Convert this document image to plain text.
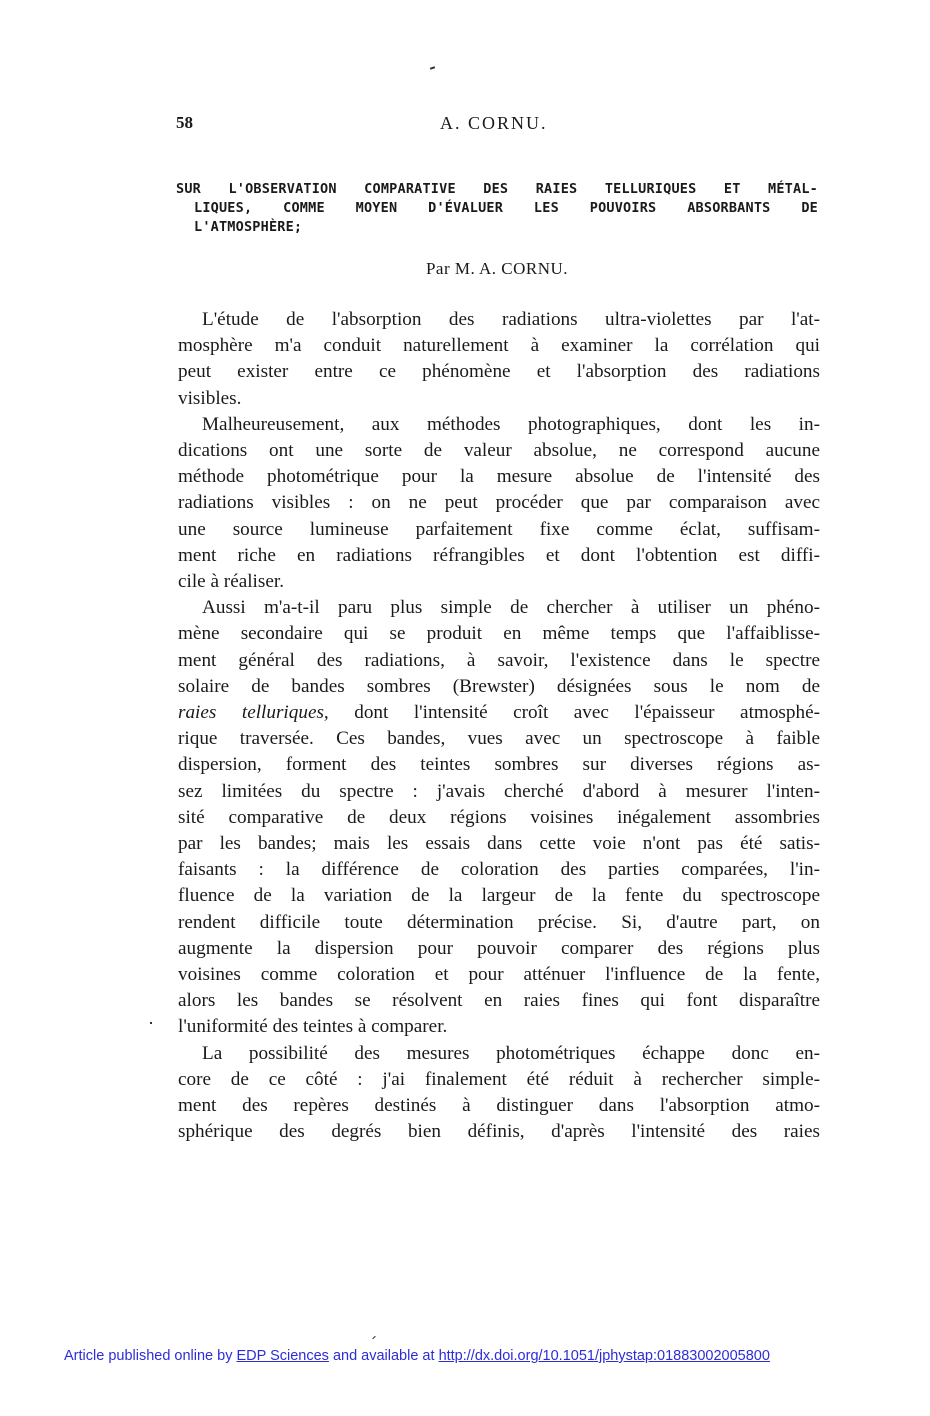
58	A. CORNU.
SUR L'OBSERVATION COMPARATIVE DES RAIES TELLURIQUES ET MÉTAL-
LIQUES, COMME MOYEN D'ÉVALUER LES POUVOIRS ABSORBANTS DE
L'ATMOSPHÈRE;
Par M. A. CORNU.
L'étude de l'absorption des radiations ultra-violettes par l'at-
mosphère m'a conduit naturellement à examiner la corrélation qui
peut exister entre ce phénomène et l'absorption des radiations
visibles.
Malheureusement, aux méthodes photographiques, dont les in-
dications ont une sorte de valeur absolue, ne correspond aucune
méthode photométrique pour la mesure absolue de l'intensité des
radiations visibles : on ne peut procéder que par comparaison avec
une source lumineuse parfaitement fixe comme éclat, suffisam-
ment riche en radiations réfrangibles et dont l'obtention est diffi-
cile à réaliser.
Aussi m'a-t-il paru plus simple de chercher à utiliser un phéno-
mène secondaire qui se produit en même temps que l'affaiblisse-
ment général des radiations, à savoir, l'existence dans le spectre
solaire de bandes sombres (Brewster) désignées sous le nom de
raies telluriques, dont l'intensité croît avec l'épaisseur atmosphé-
rique traversée. Ces bandes, vues avec un spectroscope à faible
dispersion, forment des teintes sombres sur diverses régions as-
sez limitées du spectre : j'avais cherché d'abord à mesurer l'inten-
sité comparative de deux régions voisines inégalement assombries
par les bandes; mais les essais dans cette voie n'ont pas été satis-
faisants : la différence de coloration des parties comparées, l'in-
fluence de la variation de la largeur de la fente du spectroscope
rendent difficile toute détermination précise. Si, d'autre part, on
augmente la dispersion pour pouvoir comparer des régions plus
voisines comme coloration et pour atténuer l'influence de la fente,
alors les bandes se résolvent en raies fines qui font disparaître
l'uniformité des teintes à comparer.
La possibilité des mesures photométriques échappe donc en-
core de ce côté : j'ai finalement été réduit à rechercher simple-
ment des repères destinés à distinguer dans l'absorption atmo-
sphérique des degrés bien définis, d'après l'intensité des raies
Article published online by EDP Sciences and available at http://dx.doi.org/10.1051/jphystap:01883002005800
